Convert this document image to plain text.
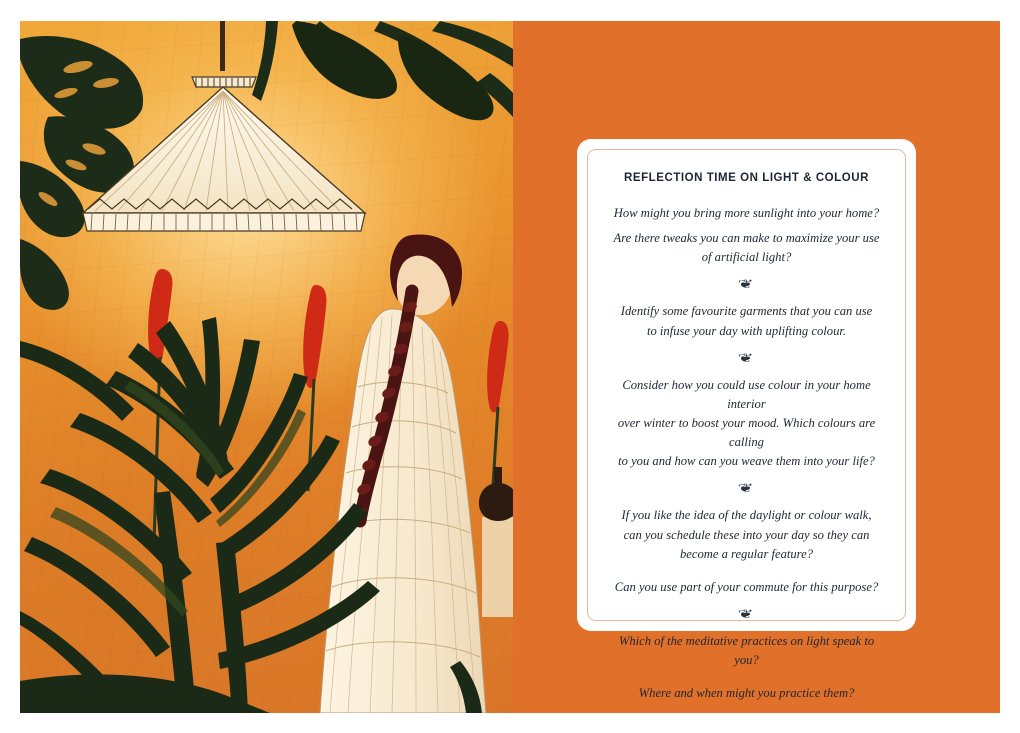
REFLECTION TIME ON LIGHT & COLOUR

How might you bring more sunlight into your home?

Are there tweaks you can make to maximize your use

of artificial light?

❦

Identify some favourite garments that you can use

to infuse your day with uplifting colour.

❦

Consider how you could use colour in your home interior

over winter to boost your mood. Which colours are calling

to you and how can you weave them into your life?

❦

If you like the idea of the daylight or colour walk,

can you schedule these into your day so they can

become a regular feature?

Can you use part of your commute for this purpose?

❦

Which of the meditative practices on light speak to you?

Where and when might you practice them?
